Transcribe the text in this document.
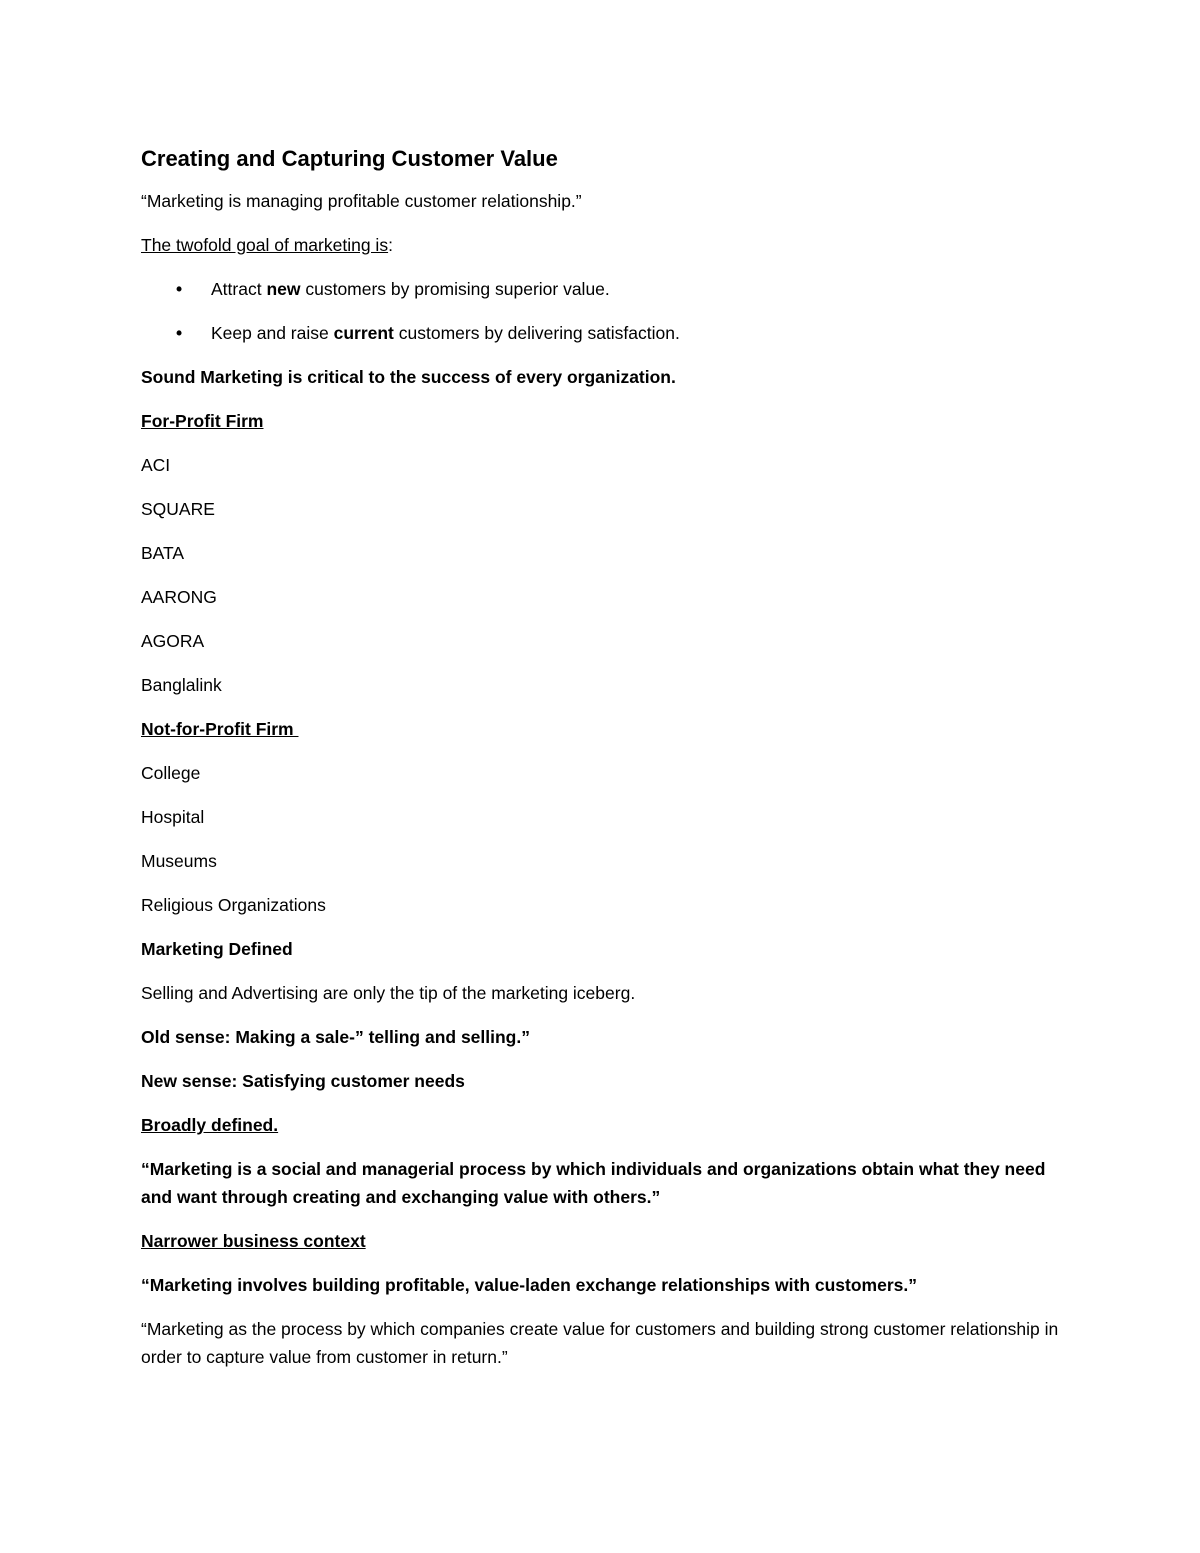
Creating and Capturing Customer Value
“Marketing is managing profitable customer relationship.”
The twofold goal of marketing is:
• Attract new customers by promising superior value.
• Keep and raise current customers by delivering satisfaction.
Sound Marketing is critical to the success of every organization.
For-Profit Firm
ACI
SQUARE
BATA
AARONG
AGORA
Banglalink
Not-for-Profit Firm
College
Hospital
Museums
Religious Organizations
Marketing Defined
Selling and Advertising are only the tip of the marketing iceberg.
Old sense: Making a sale-” telling and selling.”
New sense: Satisfying customer needs
Broadly defined.
“Marketing is a social and managerial process by which individuals and organizations obtain what they need and want through creating and exchanging value with others.”
Narrower business context
“Marketing involves building profitable, value-laden exchange relationships with customers.”
“Marketing as the process by which companies create value for customers and building strong customer relationship in order to capture value from customer in return.”
